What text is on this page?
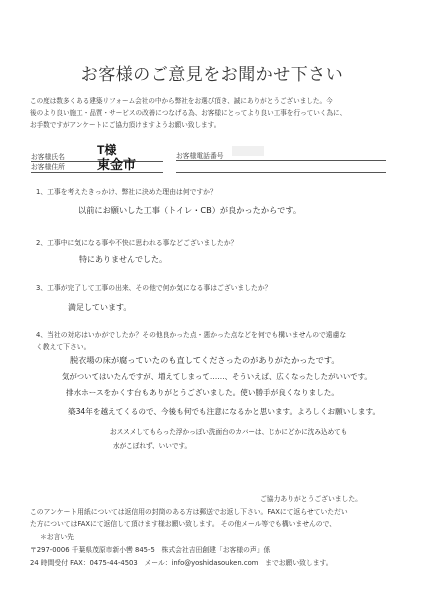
お客様のご意見をお聞かせ下さい
この度は数多くある建築リフォーム会社の中から弊社をお選び頂き、誠にありがとうございました。今
後のより良い施工・品質・サービスの改善につなげる為、お客様にとってより良い工事を行っていく為に、
お手数ですがアンケートにご協力頂けますようお願い致します。
お客様氏名	T様
お客様住所 東金市
お客様電話番号
1、工事を考えたきっかけ、弊社に決めた理由は何ですか？
以前にお願いした工事（トイレ・CB）が良かったからです。
2、工事中に気になる事や不快に思われる事などございましたか？
特にありませんでした。
3、工事が完了して工事の出来、その他で何か気になる事はございましたか？
満足しています。
4、当社の対応はいかがでしたか？その他良かった点・悪かった点などを何でも構いませんので遠慮な
く教えて下さい。
脱衣場の床が腐っていたのも直してくださったのがありがたかったです。
気がついてはいたんですが、増えてしまって……、そういえば、広くなったしたがいいです。
排水ホースをかくす台もありがとうございました。使い勝手が良くなりました。
築34年を越えてくるので、今後も何でも注意になるかと思います。よろしくお願いします。
おススメしてもらった浮かっぽい洗面台のカバーは、じかにどかに沈み込めても
水がこぼれず、いいです。
ご協力ありがとうございました。
このアンケート用紙については返信用の封筒のある方は郵送でお返し下さい。FAXにて返らせていただい
た方についてはFAXにて返信して頂けます様お願い致します。 その他メール等でも構いませんので、
＊お言い先
〒297-0006 千葉県茂原市新小轡 845-5　株式会社吉田創建「お客様の声」係
24 時間受付 FAX：0475-44-4503　メール：info@yoshidasouken.com　までお願い致します。
